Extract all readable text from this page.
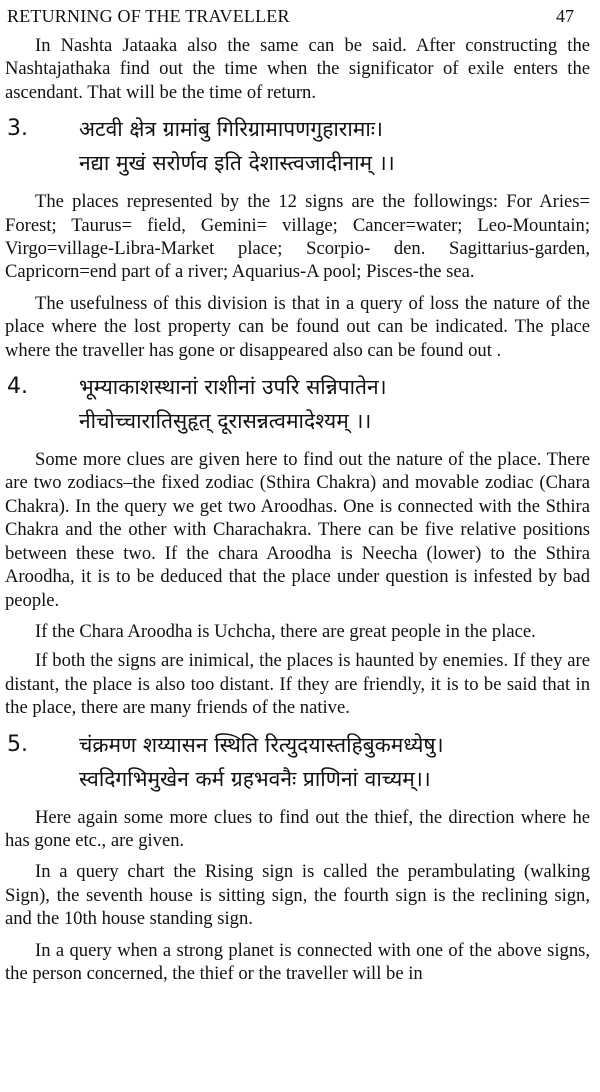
RETURNING OF THE TRAVELLER	47

In Nashta Jataaka also the same can be said. After constructing the Nashtajathaka find out the time when the significator of exile enters the ascendant. That will be the time of return.

3.	अटवी क्षेत्र ग्रामांबु गिरिग्रामापणगुहारामाः।
नद्या मुखं सरोर्णव इति देशास्त्वजादीनाम् ।।

The places represented by the 12 signs are the followings: For Aries= Forest; Taurus= field, Gemini= village; Cancer=water; Leo-Mountain; Virgo=village-Libra-Market place; Scorpio- den. Sagittarius-garden, Capricorn=end part of a river; Aquarius-A pool; Pisces-the sea.

The usefulness of this division is that in a query of loss the nature of the place where the lost property can be found out can be indicated. The place where the traveller has gone or disappeared also can be found out .

4.	भूम्याकाशस्थानां राशीनां उपरि सन्निपातेन।
नीचोच्चारातिसुहृत् दूरासन्नत्वमादेश्यम् ।।

Some more clues are given here to find out the nature of the place. There are two zodiacs–the fixed zodiac (Sthira Chakra) and movable zodiac (Chara Chakra). In the query we get two Aroodhas. One is connected with the Sthira Chakra and the other with Charachakra. There can be five relative positions between these two. If the chara Aroodha is Neecha (lower) to the Sthira Aroodha, it is to be deduced that the place under question is infested by bad people.

If the Chara Aroodha is Uchcha, there are great people in the place.

If both the signs are inimical, the places is haunted by enemies. If they are distant, the place is also too distant. If they are friendly, it is to be said that in the place, there are many friends of the native.

5.	चंक्रमण शय्यासन स्थिति रित्युदयास्तहिबुकमध्येषु।
स्वदिगभिमुखेन कर्म ग्रहभवनैः प्राणिनां वाच्यम्।।

Here again some more clues to find out the thief, the direction where he has gone etc., are given.

In a query chart the Rising sign is called the perambulating (walking Sign), the seventh house is sitting sign, the fourth sign is the reclining sign, and the 10th house standing sign.

In a query when a strong planet is connected with one of the above signs, the person concerned, the thief or the traveller will be in
